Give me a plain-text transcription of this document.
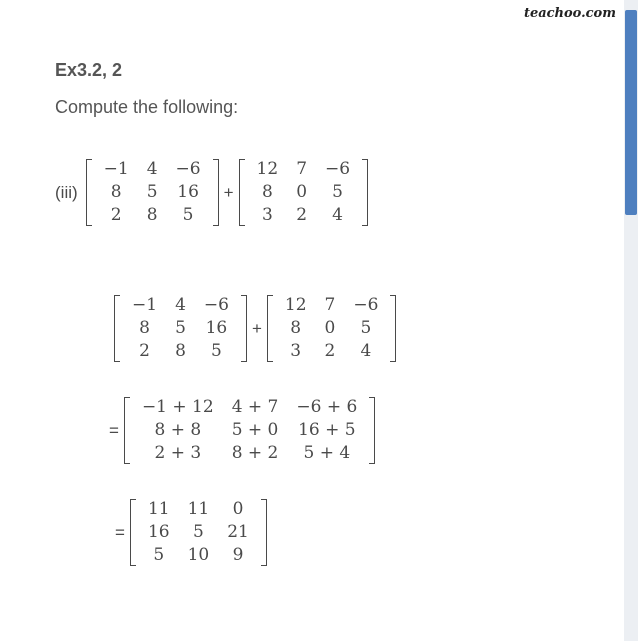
teachoo.com
Ex3.2, 2
Compute the following:
(iii)
−1	4	−6
8	5	16
2	8	5
+
12	7	−6
8	0	5
3	2	4
−1	4	−6
8	5	16
2	8	5
+
12	7	−6
8	0	5
3	2	4
=
−1 + 12	4 + 7	−6 + 6
8 + 8	5 + 0	16 + 5
2 + 3	8 + 2	5 + 4
=
11	11	0
16	5	21
5	10	9
